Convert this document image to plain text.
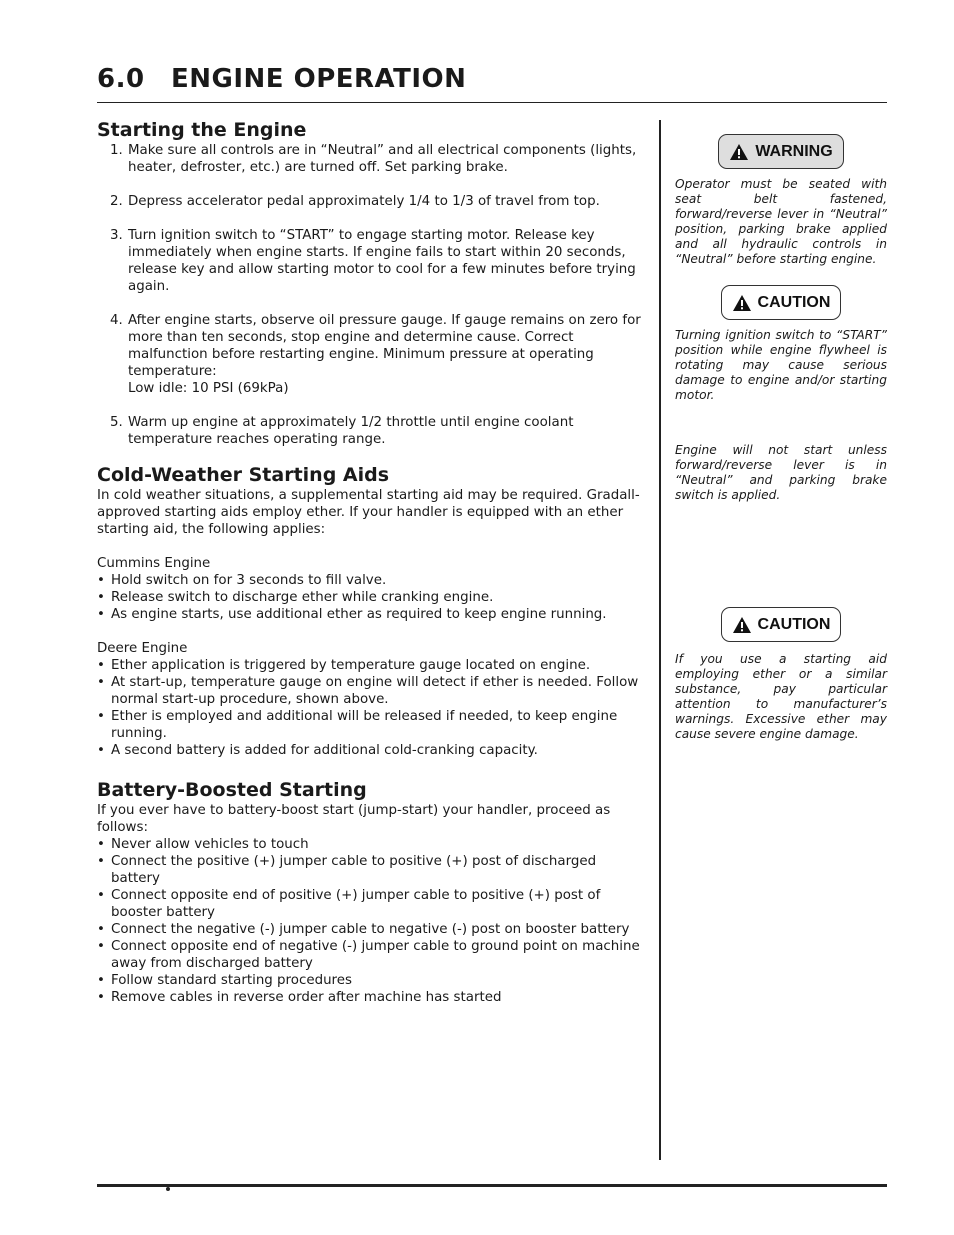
6.0 ENGINE OPERATION
Starting the Engine
1. Make sure all controls are in “Neutral” and all electrical components (lights, heater, defroster, etc.) are turned off. Set parking brake.
2. Depress accelerator pedal approximately 1/4 to 1/3 of travel from top.
3. Turn ignition switch to “START” to engage starting motor. Release key immediately when engine starts. If engine fails to start within 20 seconds, release key and allow starting motor to cool for a few minutes before trying again.
4. After engine starts, observe oil pressure gauge. If gauge remains on zero for more than ten seconds, stop engine and determine cause. Correct malfunction before restarting engine. Minimum pressure at operating temperature:
Low idle: 10 PSI (69kPa)
5. Warm up engine at approximately 1/2 throttle until engine coolant temperature reaches operating range.
Cold-Weather Starting Aids

In cold weather situations, a supplemental starting aid may be required. Gradall-approved starting aids employ ether. If your handler is equipped with an ether starting aid, the following applies:

Cummins Engine

• Hold switch on for 3 seconds to fill valve.
• Release switch to discharge ether while cranking engine.
• As engine starts, use additional ether as required to keep engine running.

Deere Engine

• Ether application is triggered by temperature gauge located on engine.
• At start-up, temperature gauge on engine will detect if ether is needed. Follow normal start-up procedure, shown above.
• Ether is employed and additional will be released if needed, to keep engine running.
• A second battery is added for additional cold-cranking capacity.
Battery-Boosted Starting

If you ever have to battery-boost start (jump-start) your handler, proceed as follows:

• Never allow vehicles to touch
• Connect the positive (+) jumper cable to positive (+) post of discharged battery
• Connect opposite end of positive (+) jumper cable to positive (+) post of booster battery
• Connect the negative (-) jumper cable to negative (-) post on booster battery
• Connect opposite end of negative (-) jumper cable to ground point on machine away from discharged battery
• Follow standard starting procedures
• Remove cables in reverse order after machine has started
WARNING

Operator must be seated with seat belt fastened, forward/reverse lever in “Neutral” position, parking brake applied and all hydraulic controls in “Neutral” before starting engine.

CAUTION

Turning ignition switch to “START” position while engine flywheel is rotating may cause serious damage to engine and/or starting motor.

Engine will not start unless forward/reverse lever is in “Neutral” and parking brake switch is applied.

CAUTION

If you use a starting aid employing ether or a similar substance, pay particular attention to manufacturer’s warnings. Excessive ether may cause severe engine damage.
